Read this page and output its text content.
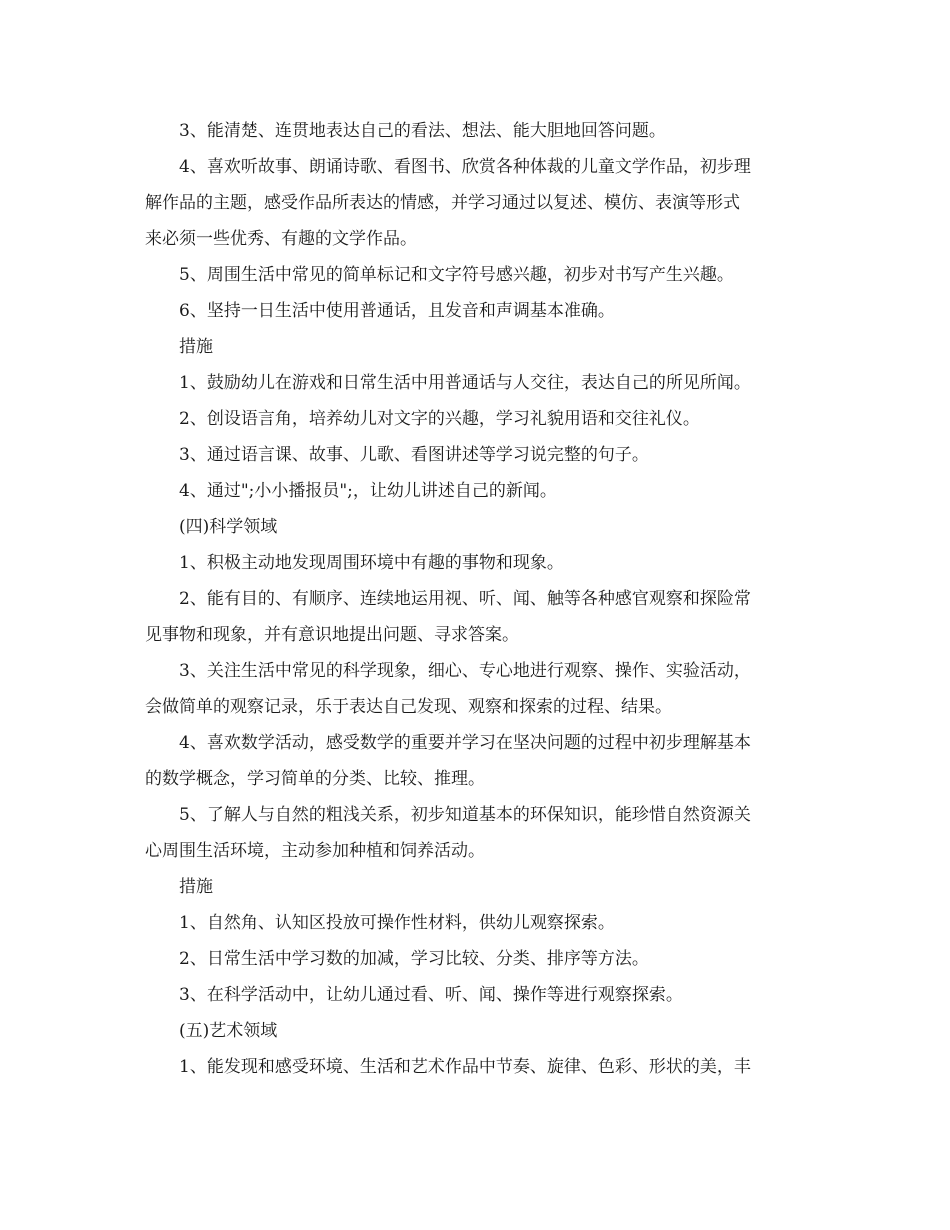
3、能清楚、连贯地表达自己的看法、想法、能大胆地回答问题。

4、喜欢听故事、朗诵诗歌、看图书、欣赏各种体裁的儿童文学作品，初步理
解作品的主题，感受作品所表达的情感，并学习通过以复述、模仿、表演等形式
来必须一些优秀、有趣的文学作品。

5、周围生活中常见的简单标记和文字符号感兴趣，初步对书写产生兴趣。

6、坚持一日生活中使用普通话，且发音和声调基本准确。

措施

1、鼓励幼儿在游戏和日常生活中用普通话与人交往，表达自己的所见所闻。

2、创设语言角，培养幼儿对文字的兴趣，学习礼貌用语和交往礼仪。

3、通过语言课、故事、儿歌、看图讲述等学习说完整的句子。

4、通过";小小播报员";，让幼儿讲述自己的新闻。

(四)科学领域

1、积极主动地发现周围环境中有趣的事物和现象。

2、能有目的、有顺序、连续地运用视、听、闻、触等各种感官观察和探险常
见事物和现象，并有意识地提出问题、寻求答案。

3、关注生活中常见的科学现象，细心、专心地进行观察、操作、实验活动，
会做简单的观察记录，乐于表达自己发现、观察和探索的过程、结果。

4、喜欢数学活动，感受数学的重要并学习在坚决问题的过程中初步理解基本
的数学概念，学习简单的分类、比较、推理。

5、了解人与自然的粗浅关系，初步知道基本的环保知识，能珍惜自然资源关
心周围生活环境，主动参加种植和饲养活动。

措施

1、自然角、认知区投放可操作性材料，供幼儿观察探索。

2、日常生活中学习数的加减，学习比较、分类、排序等方法。

3、在科学活动中，让幼儿通过看、听、闻、操作等进行观察探索。

(五)艺术领域

1、能发现和感受环境、生活和艺术作品中节奏、旋律、色彩、形状的美，丰
